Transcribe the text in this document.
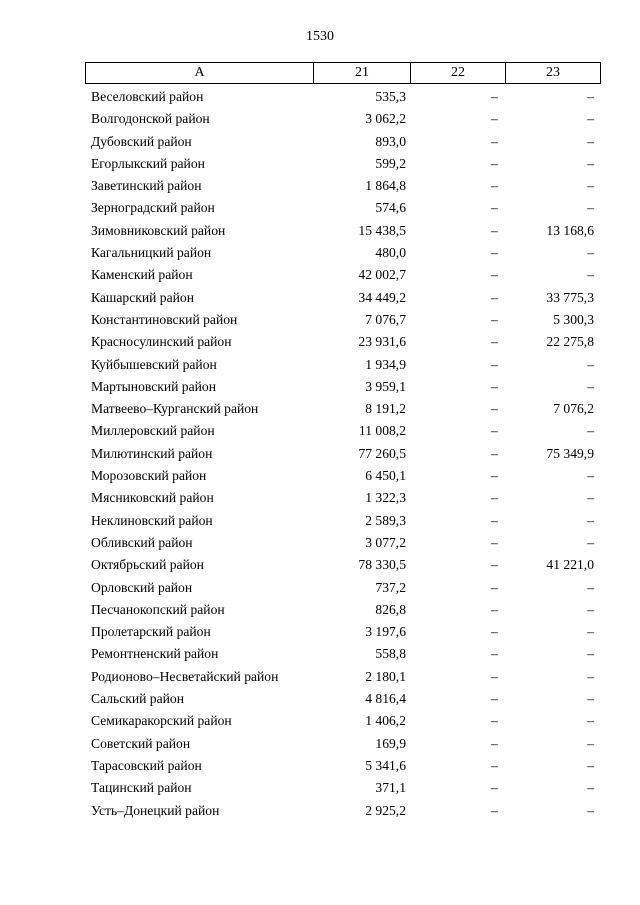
1530
А	21	22	23
Веселовский район	535,3	–	–
Волгодонской район	3 062,2	–	–
Дубовский район	893,0	–	–
Егорлыкский район	599,2	–	–
Заветинский район	1 864,8	–	–
Зерноградский район	574,6	–	–
Зимовниковский район	15 438,5	–	13 168,6
Кагальницкий район	480,0	–	–
Каменский район	42 002,7	–	–
Кашарский район	34 449,2	–	33 775,3
Константиновский район	7 076,7	–	5 300,3
Красносулинский район	23 931,6	–	22 275,8
Куйбышевский район	1 934,9	–	–
Мартыновский район	3 959,1	–	–
Матвеево–Курганский район	8 191,2	–	7 076,2
Миллеровский район	11 008,2	–	–
Милютинский район	77 260,5	–	75 349,9
Морозовский район	6 450,1	–	–
Мясниковский район	1 322,3	–	–
Неклиновский район	2 589,3	–	–
Обливский район	3 077,2	–	–
Октябрьский район	78 330,5	–	41 221,0
Орловский район	737,2	–	–
Песчанокопский район	826,8	–	–
Пролетарский район	3 197,6	–	–
Ремонтненский район	558,8	–	–
Родионово–Несветайский район	2 180,1	–	–
Сальский район	4 816,4	–	–
Семикаракорский район	1 406,2	–	–
Советский район	169,9	–	–
Тарасовский район	5 341,6	–	–
Тацинский район	371,1	–	–
Усть–Донецкий район	2 925,2	–	–
